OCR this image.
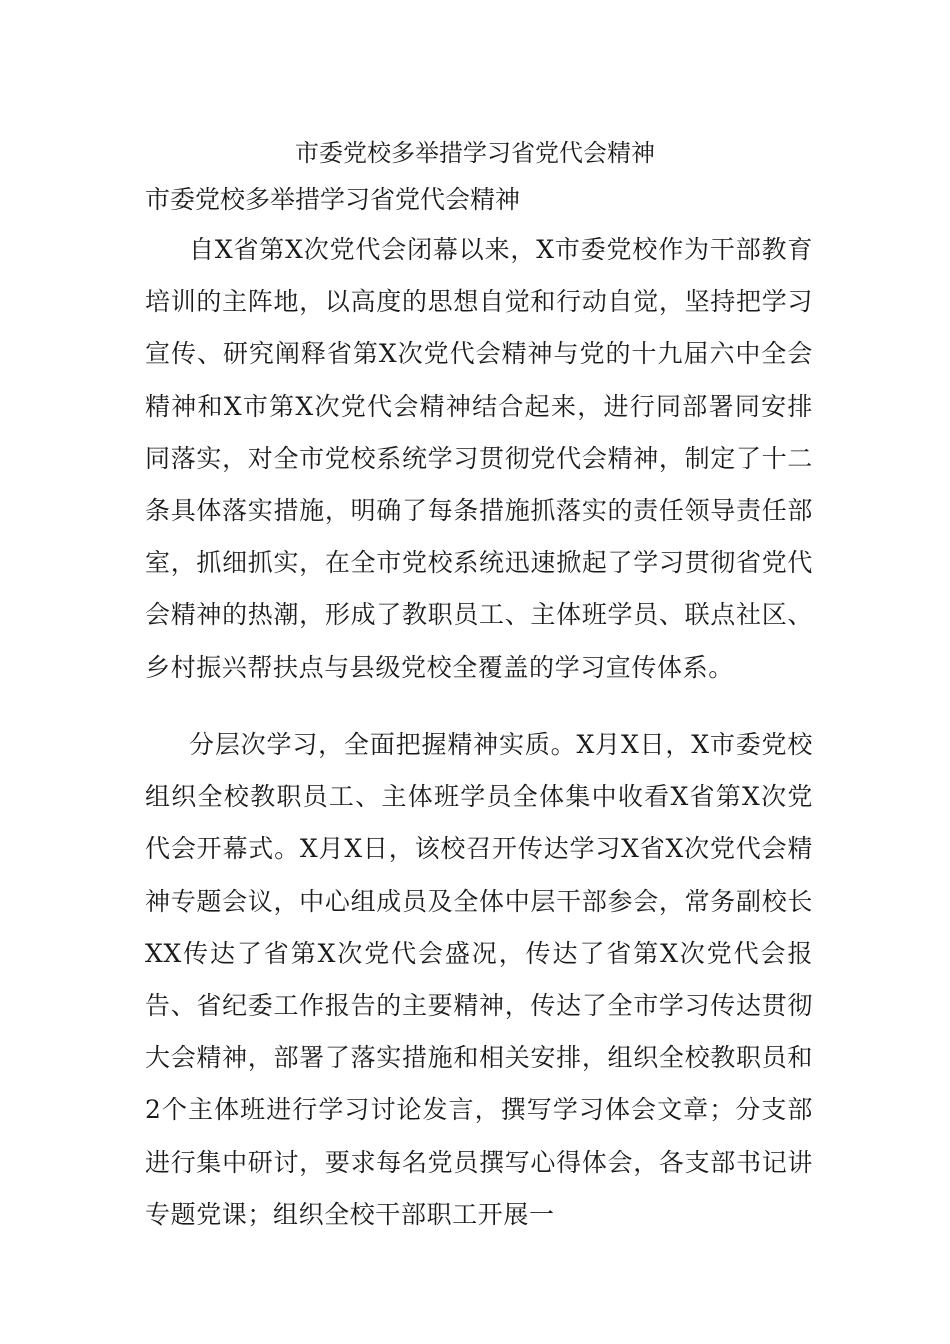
市委党校多举措学习省党代会精神

市委党校多举措学习省党代会精神

自X省第X次党代会闭幕以来，X市委党校作为干部教育培训的主阵地，以高度的思想自觉和行动自觉，坚持把学习宣传、研究阐释省第X次党代会精神与党的十九届六中全会精神和X市第X次党代会精神结合起来，进行同部署同安排同落实，对全市党校系统学习贯彻党代会精神，制定了十二条具体落实措施，明确了每条措施抓落实的责任领导责任部室，抓细抓实，在全市党校系统迅速掀起了学习贯彻省党代会精神的热潮，形成了教职员工、主体班学员、联点社区、乡村振兴帮扶点与县级党校全覆盖的学习宣传体系。

分层次学习，全面把握精神实质。X月X日，X市委党校组织全校教职员工、主体班学员全体集中收看X省第X次党代会开幕式。X月X日，该校召开传达学习X省X次党代会精神专题会议，中心组成员及全体中层干部参会，常务副校长XX传达了省第X次党代会盛况，传达了省第X次党代会报告、省纪委工作报告的主要精神，传达了全市学习传达贯彻大会精神，部署了落实措施和相关安排，组织全校教职员和2个主体班进行学习讨论发言，撰写学习体会文章；分支部进行集中研讨，要求每名党员撰写心得体会，各支部书记讲专题党课；组织全校干部职工开展一
